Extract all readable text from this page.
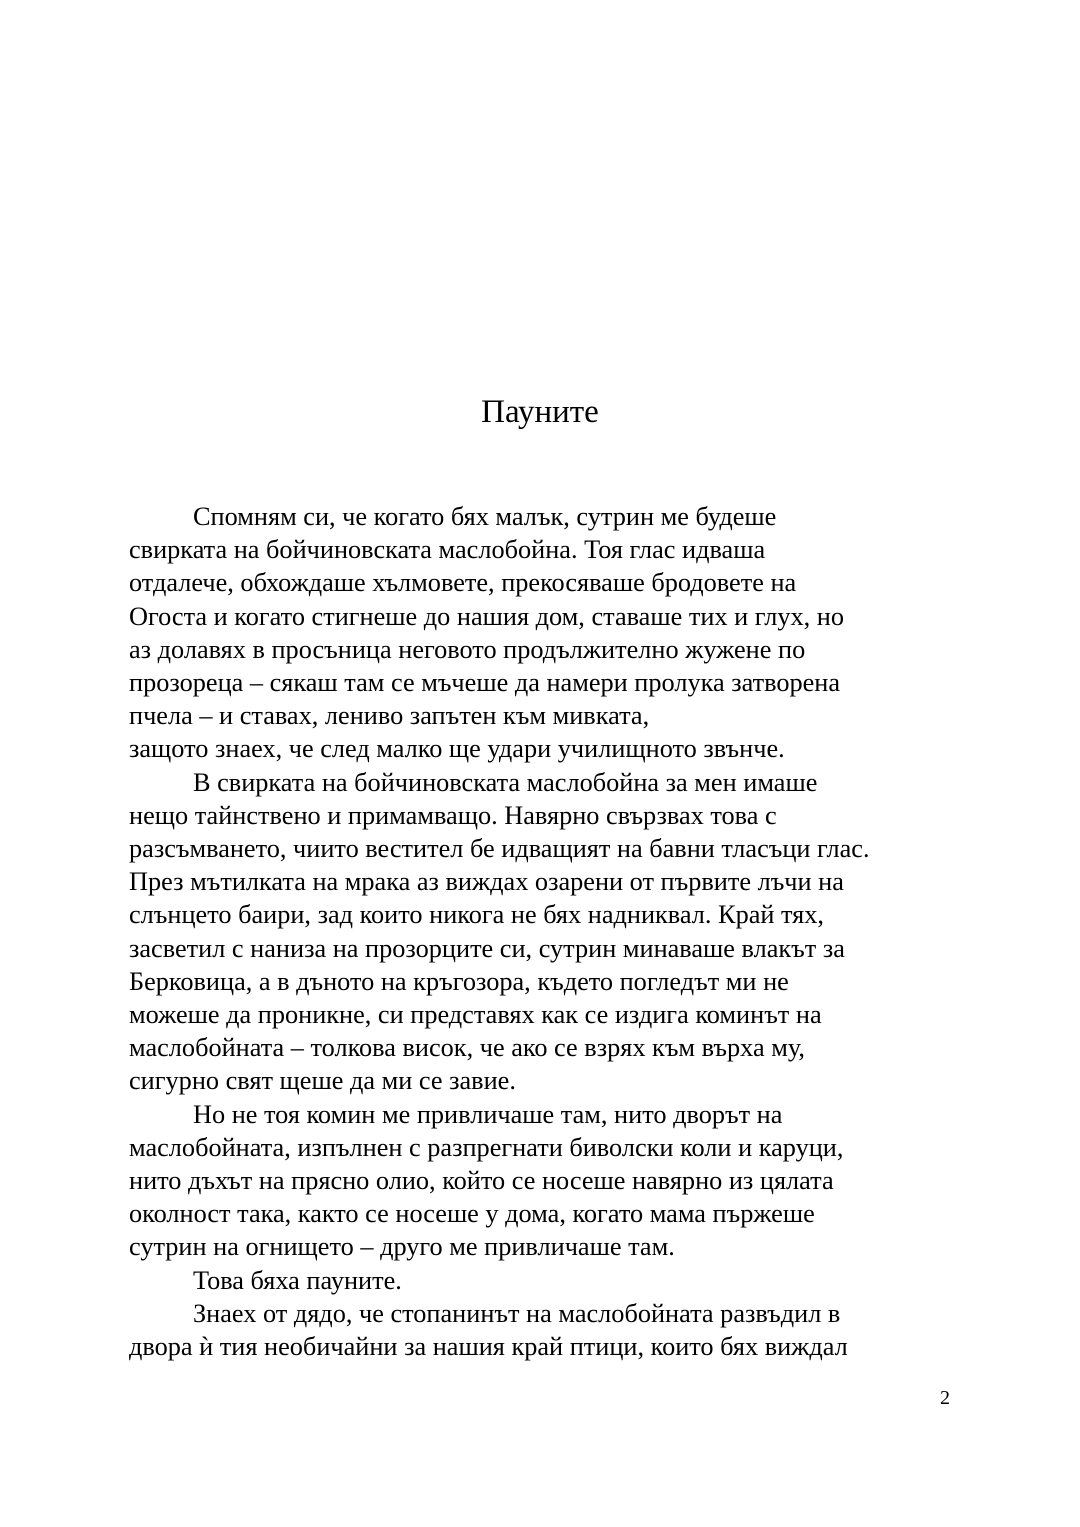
Пауните
Спомням си, че когато бях малък, сутрин ме будеше
свирката на бойчиновската маслобойна. Тоя глас идваша
отдалече, обхождаше хълмовете, прекосяваше бродовете на
Огоста и когато стигнеше до нашия дом, ставаше тих и глух, но
аз долавях в просъница неговото продължително жужене по
прозореца – сякаш там се мъчеше да намери пролука затворена
пчела – и ставах, лениво запътен към мивката,
защото знаех, че след малко ще удари училищното звънче.
В свирката на бойчиновската маслобойна за мен имаше
нещо тайнствено и примамващо. Навярно свързвах това с
разсъмването, чиито вестител бе идващият на бавни тласъци глас.
През мътилката на мрака аз виждах озарени от първите лъчи на
слънцето баири, зад които никога не бях надниквал. Край тях,
засветил с наниза на прозорците си, сутрин минаваше влакът за
Берковица, а в дъното на кръгозора, където погледът ми не
можеше да проникне, си представях как се издига коминът на
маслобойната – толкова висок, че ако се взрях към върха му,
сигурно свят щеше да ми се завие.
Но не тоя комин ме привличаше там, нито дворът на
маслобойната, изпълнен с разпрегнати биволски коли и каруци,
нито дъхът на прясно олио, който се носеше навярно из цялата
околност така, както се носеше у дома, когато мама пържеше
сутрин на огнището – друго ме привличаше там.
Това бяха пауните.
Знаех от дядо, че стопанинът на маслобойната развъдил в
двора ѝ тия необичайни за нашия край птици, които бях виждал
2
